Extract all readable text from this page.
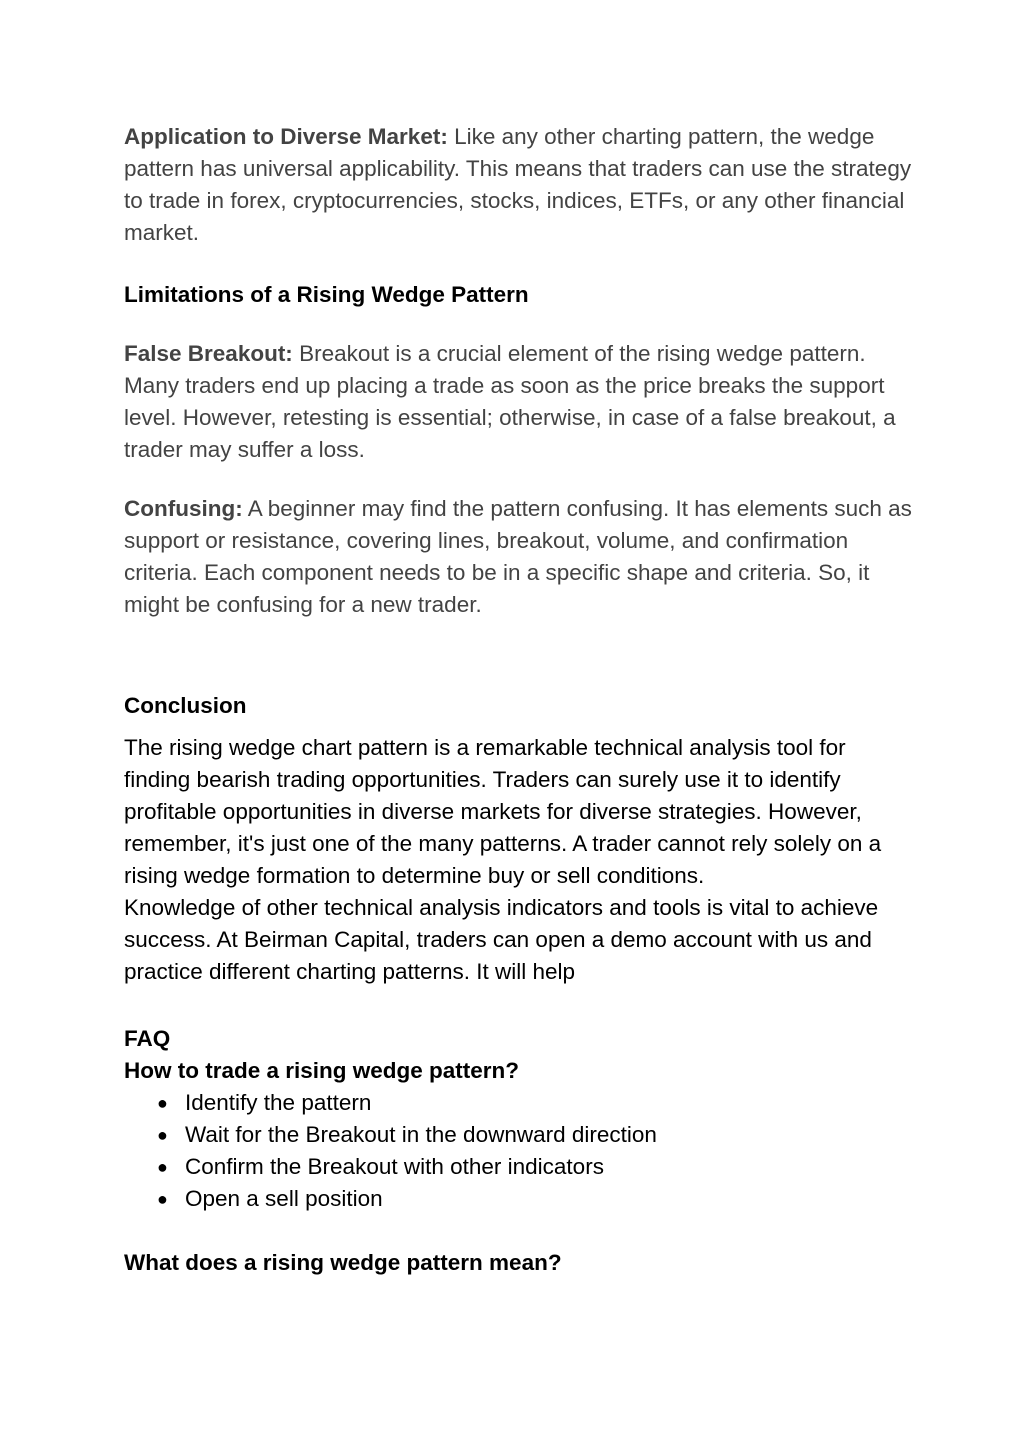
Application to Diverse Market: Like any other charting pattern, the wedge pattern has universal applicability. This means that traders can use the strategy to trade in forex, cryptocurrencies, stocks, indices, ETFs, or any other financial market.

Limitations of a Rising Wedge Pattern

False Breakout: Breakout is a crucial element of the rising wedge pattern. Many traders end up placing a trade as soon as the price breaks the support level. However, retesting is essential; otherwise, in case of a false breakout, a trader may suffer a loss.

Confusing: A beginner may find the pattern confusing. It has elements such as support or resistance, covering lines, breakout, volume, and confirmation criteria. Each component needs to be in a specific shape and criteria. So, it might be confusing for a new trader.

Conclusion

The rising wedge chart pattern is a remarkable technical analysis tool for finding bearish trading opportunities. Traders can surely use it to identify profitable opportunities in diverse markets for diverse strategies. However, remember, it's just one of the many patterns. A trader cannot rely solely on a rising wedge formation to determine buy or sell conditions.

Knowledge of other technical analysis indicators and tools is vital to achieve success. At Beirman Capital, traders can open a demo account with us and practice different charting patterns. It will help

FAQ

How to trade a rising wedge pattern?

● Identify the pattern
● Wait for the Breakout in the downward direction
● Confirm the Breakout with other indicators
● Open a sell position

What does a rising wedge pattern mean?
